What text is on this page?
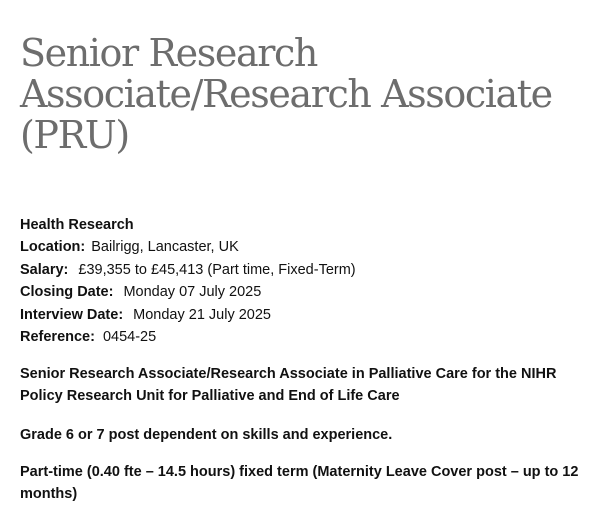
Senior Research
Associate/Research Associate
(PRU)
Health Research
Location: Bailrigg, Lancaster, UK
Salary: £39,355 to £45,413 (Part time, Fixed-Term)
Closing Date: Monday 07 July 2025
Interview Date: Monday 21 July 2025
Reference: 0454-25

Senior Research Associate/Research Associate in Palliative Care for the NIHR Policy Research Unit for Palliative and End of Life Care

Grade 6 or 7 post dependent on skills and experience.

Part-time (0.40 fte – 14.5 hours) fixed term (Maternity Leave Cover post – up to 12 months)
